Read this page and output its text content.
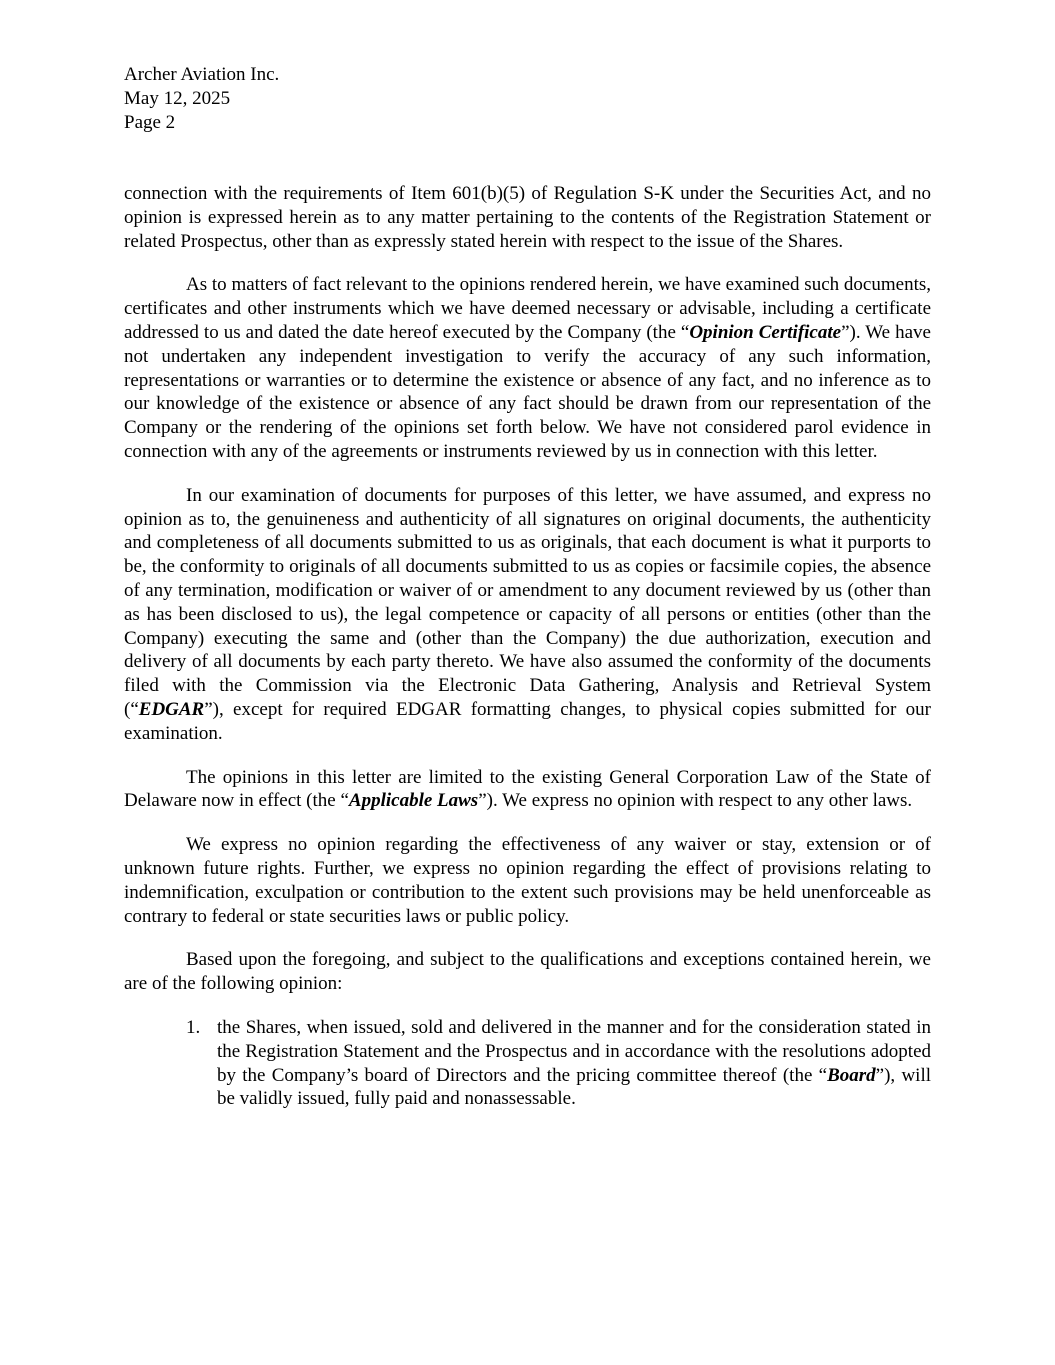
Archer Aviation Inc.
May 12, 2025
Page 2

connection with the requirements of Item 601(b)(5) of Regulation S-K under the Securities Act, and no opinion is expressed herein as to any matter pertaining to the contents of the Registration Statement or related Prospectus, other than as expressly stated herein with respect to the issue of the Shares.

As to matters of fact relevant to the opinions rendered herein, we have examined such documents, certificates and other instruments which we have deemed necessary or advisable, including a certificate addressed to us and dated the date hereof executed by the Company (the “Opinion Certificate”). We have not undertaken any independent investigation to verify the accuracy of any such information, representations or warranties or to determine the existence or absence of any fact, and no inference as to our knowledge of the existence or absence of any fact should be drawn from our representation of the Company or the rendering of the opinions set forth below. We have not considered parol evidence in connection with any of the agreements or instruments reviewed by us in connection with this letter.

In our examination of documents for purposes of this letter, we have assumed, and express no opinion as to, the genuineness and authenticity of all signatures on original documents, the authenticity and completeness of all documents submitted to us as originals, that each document is what it purports to be, the conformity to originals of all documents submitted to us as copies or facsimile copies, the absence of any termination, modification or waiver of or amendment to any document reviewed by us (other than as has been disclosed to us), the legal competence or capacity of all persons or entities (other than the Company) executing the same and (other than the Company) the due authorization, execution and delivery of all documents by each party thereto. We have also assumed the conformity of the documents filed with the Commission via the Electronic Data Gathering, Analysis and Retrieval System (“EDGAR”), except for required EDGAR formatting changes, to physical copies submitted for our examination.

The opinions in this letter are limited to the existing General Corporation Law of the State of Delaware now in effect (the “Applicable Laws”). We express no opinion with respect to any other laws.

We express no opinion regarding the effectiveness of any waiver or stay, extension or of unknown future rights. Further, we express no opinion regarding the effect of provisions relating to indemnification, exculpation or contribution to the extent such provisions may be held unenforceable as contrary to federal or state securities laws or public policy.

Based upon the foregoing, and subject to the qualifications and exceptions contained herein, we are of the following opinion:

1. the Shares, when issued, sold and delivered in the manner and for the consideration stated in the Registration Statement and the Prospectus and in accordance with the resolutions adopted by the Company’s board of Directors and the pricing committee thereof (the “Board”), will be validly issued, fully paid and nonassessable.
